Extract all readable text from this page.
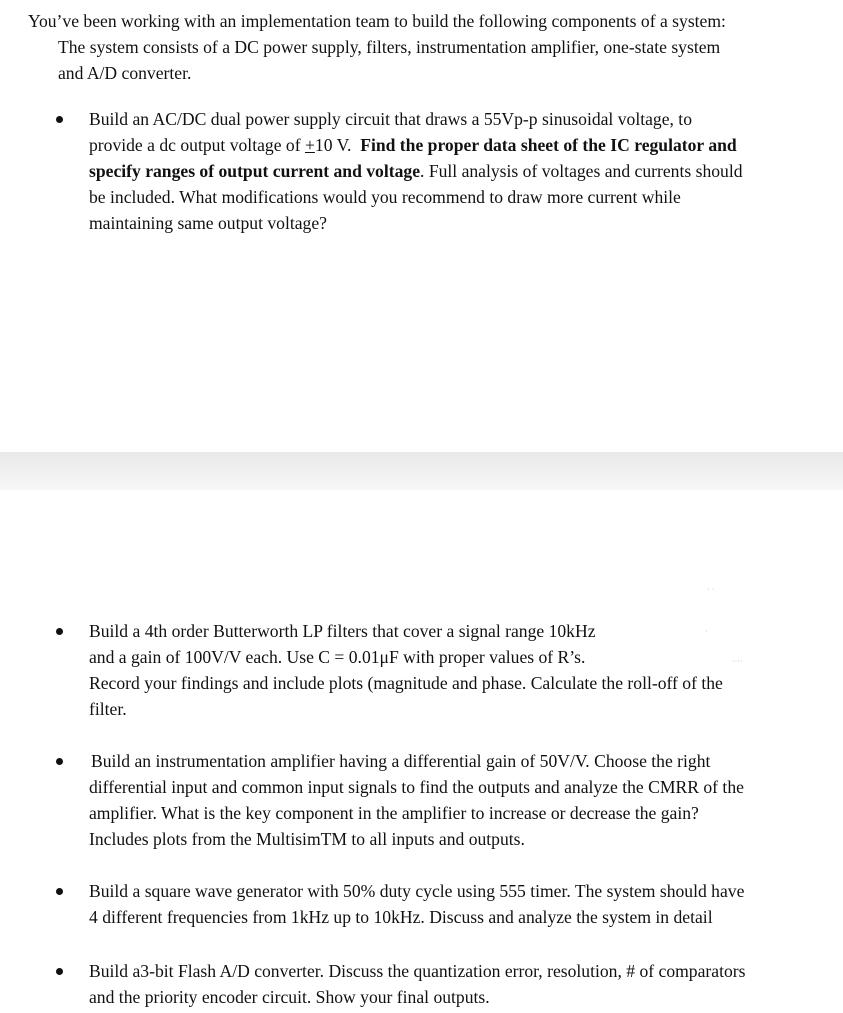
You’ve been working with an implementation team to build the following components of a system:

The system consists of a DC power supply, filters, instrumentation amplifier, one-state system

and A/D converter.

Build an AC/DC dual power supply circuit that draws a 55Vp-p sinusoidal voltage, to
provide a dc output voltage of +10 V. Find the proper data sheet of the IC regulator and
specify ranges of output current and voltage. Full analysis of voltages and currents should
be included. What modifications would you recommend to draw more current while
maintaining same output voltage?
· ·
·
····
Build a 4th order Butterworth LP filters that cover a signal range 10kHz
and a gain of 100V/V each. Use C = 0.01μF with proper values of R’s.
Record your findings and include plots (magnitude and phase. Calculate the roll-off of the
filter.
Build an instrumentation amplifier having a differential gain of 50V/V. Choose the right
differential input and common input signals to find the outputs and analyze the CMRR of the
amplifier. What is the key component in the amplifier to increase or decrease the gain?
Includes plots from the MultisimTM to all inputs and outputs.
Build a square wave generator with 50% duty cycle using 555 timer. The system should have
4 different frequencies from 1kHz up to 10kHz. Discuss and analyze the system in detail
Build a3-bit Flash A/D converter. Discuss the quantization error, resolution, # of comparators
and the priority encoder circuit. Show your final outputs.
